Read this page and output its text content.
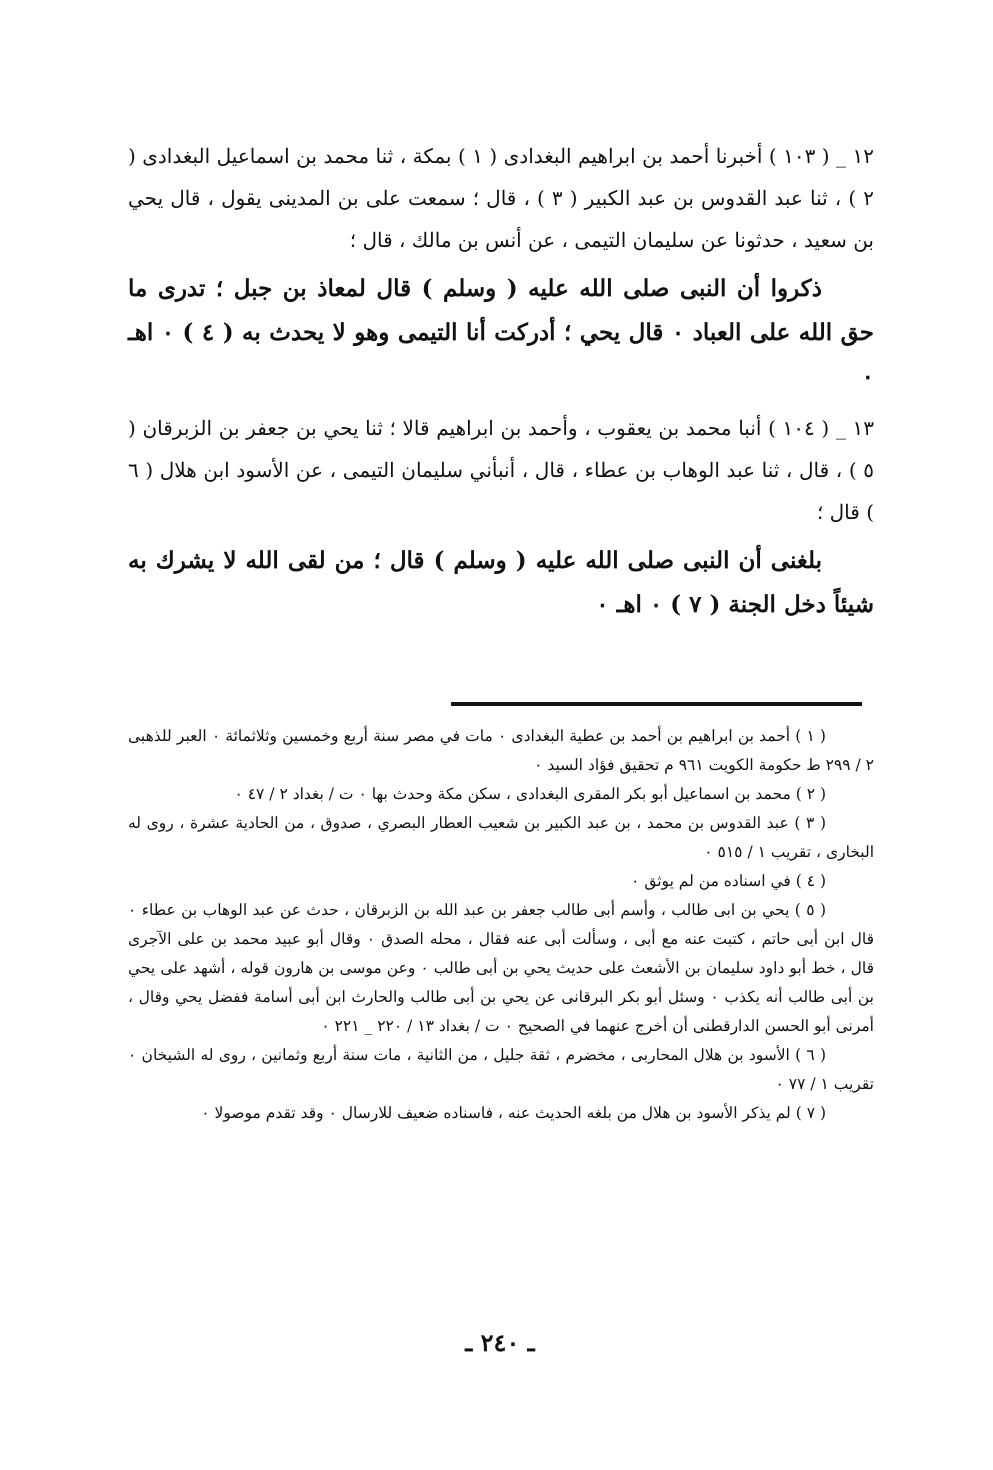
١٢ _ ( ١٠٣ ) أخبرنا أحمد بن ابراهيم البغدادى ( ١ ) بمكة ، ثنا محمد بن اسماعيل البغدادى ( ٢ ) ، ثنا عبد القدوس بن عبد الكبير ( ٣ ) ، قال ؛ سمعت على بن المدينى يقول ، قال يحي بن سعيد ، حدثونا عن سليمان التيمى ، عن أنس بن مالك ، قال ؛

ذكروا أن النبى صلى الله عليه ( وسلم ) قال لمعاذ بن جبل ؛ تدرى ما حق الله على العباد ٠ قال يحي ؛ أدركت أنا التيمى وهو لا يحدث به ( ٤ ) ٠ اهـ ٠

١٣ _ ( ١٠٤ ) أنبا محمد بن يعقوب ، وأحمد بن ابراهيم قالا ؛ ثنا يحي بن جعفر بن الزبرقان ( ٥ ) ، قال ، ثنا عبد الوهاب بن عطاء ، قال ، أنبأني سليمان التيمى ، عن الأسود ابن هلال ( ٦ ) قال ؛

بلغنى أن النبى صلى الله عليه ( وسلم ) قال ؛ من لقى الله لا يشرك به شيئاً دخل الجنة ( ٧ ) ٠ اهـ ٠

( ١ ) أحمد بن ابراهيم بن أحمد بن عطية البغدادى ٠ مات في مصر سنة أربع وخمسين وثلاثمائة ٠ العبر للذهبى ٢ / ٢٩٩ ط حكومة الكويت ٩٦١ م تحقيق فؤاد السيد ٠

( ٢ ) محمد بن اسماعيل أبو بكر المقرى البغدادى ، سكن مكة وحدث بها ٠ ت / بغداد ٢ / ٤٧ ٠

( ٣ ) عبد القدوس بن محمد ، بن عبد الكبير بن شعيب العطار البصري ، صدوق ، من الحادية عشرة ، روى له البخارى ، تقريب ١ / ٥١٥ ٠

( ٤ ) في اسناده من لم يوثق ٠

( ٥ ) يحي بن ابى طالب ، وأسم أبى طالب جعفر بن عبد الله بن الزبرقان ، حدث عن عبد الوهاب بن عطاء ٠ قال ابن أبى حاتم ، كتبت عنه مع أبى ، وسألت أبى عنه فقال ، محله الصدق ٠ وقال أبو عبيد محمد بن على الآجرى قال ، خط أبو داود سليمان بن الأشعث على حديث يحي بن أبى طالب ٠ وعن موسى بن هارون قوله ، أشهد على يحي بن أبى طالب أنه يكذب ٠ وسئل أبو بكر البرقانى عن يحي بن أبى طالب والحارث ابن أبى أسامة ففضل يحي وقال ، أمرنى أبو الحسن الدارقطنى أن أخرج عنهما في الصحيح ٠ ت / بغداد ١٣ / ٢٢٠ _ ٢٢١ ٠

( ٦ ) الأسود بن هلال المحاربى ، مخضرم ، ثقة جليل ، من الثانية ، مات سنة أربع وثمانين ، روى له الشيخان ٠ تقريب ١ / ٧٧ ٠

( ٧ ) لم يذكر الأسود بن هلال من بلغه الحديث عنه ، فاسناده ضعيف للارسال ٠ وقد تقدم موصولا ٠

ـ ٢٤٠ ـ
